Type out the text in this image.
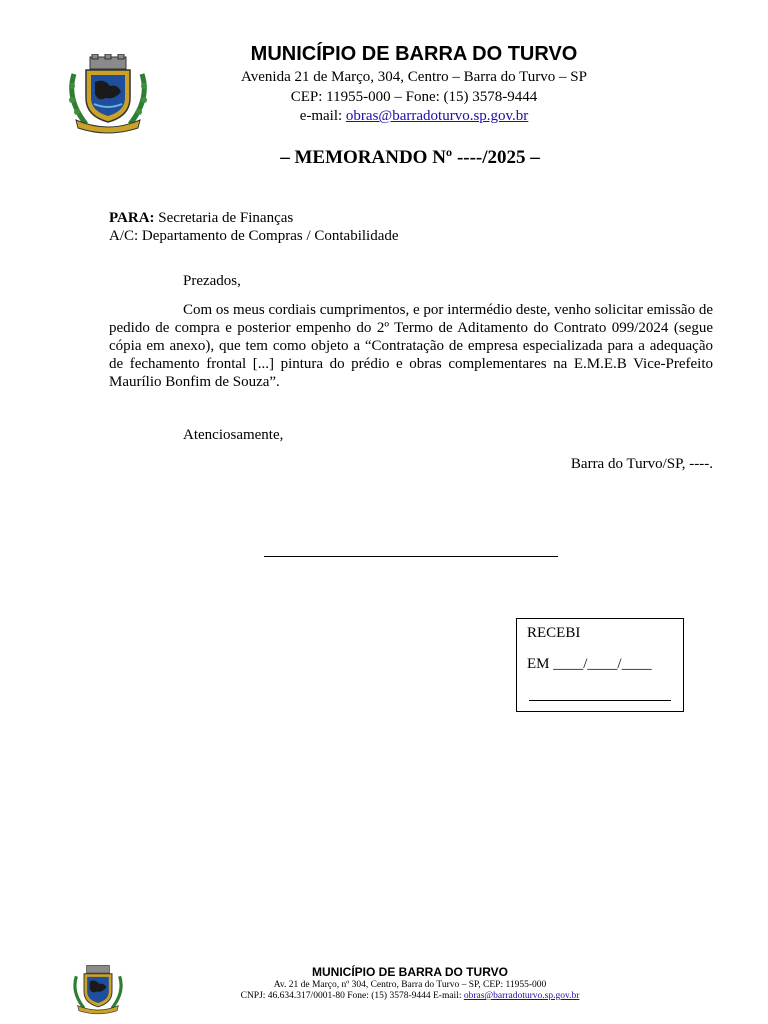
MUNICÍPIO DE BARRA DO TURVO
Avenida 21 de Março, 304, Centro – Barra do Turvo – SP
CEP: 11955-000 – Fone: (15) 3578-9444
e-mail: obras@barradoturvo.sp.gov.br
– MEMORANDO Nº ----/2025 –
PARA: Secretaria de Finanças
A/C: Departamento de Compras / Contabilidade
Prezados,
Com os meus cordiais cumprimentos, e por intermédio deste, venho solicitar emissão de pedido de compra e posterior empenho do 2º Termo de Aditamento do Contrato 099/2024 (segue cópia em anexo), que tem como objeto a “Contratação de empresa especializada para a adequação de fechamento frontal [...] pintura do prédio e obras complementares na E.M.E.B Vice-Prefeito Maurílio Bonfim de Souza”.
Atenciosamente,
Barra do Turvo/SP, ----.
RECEBI
EM ____/____/____
MUNICÍPIO DE BARRA DO TURVO
Av. 21 de Março, nº 304, Centro, Barra do Turvo – SP, CEP: 11955-000
CNPJ: 46.634.317/0001-80 Fone: (15) 3578-9444 E-mail: obras@barradoturvo.sp.gov.br
